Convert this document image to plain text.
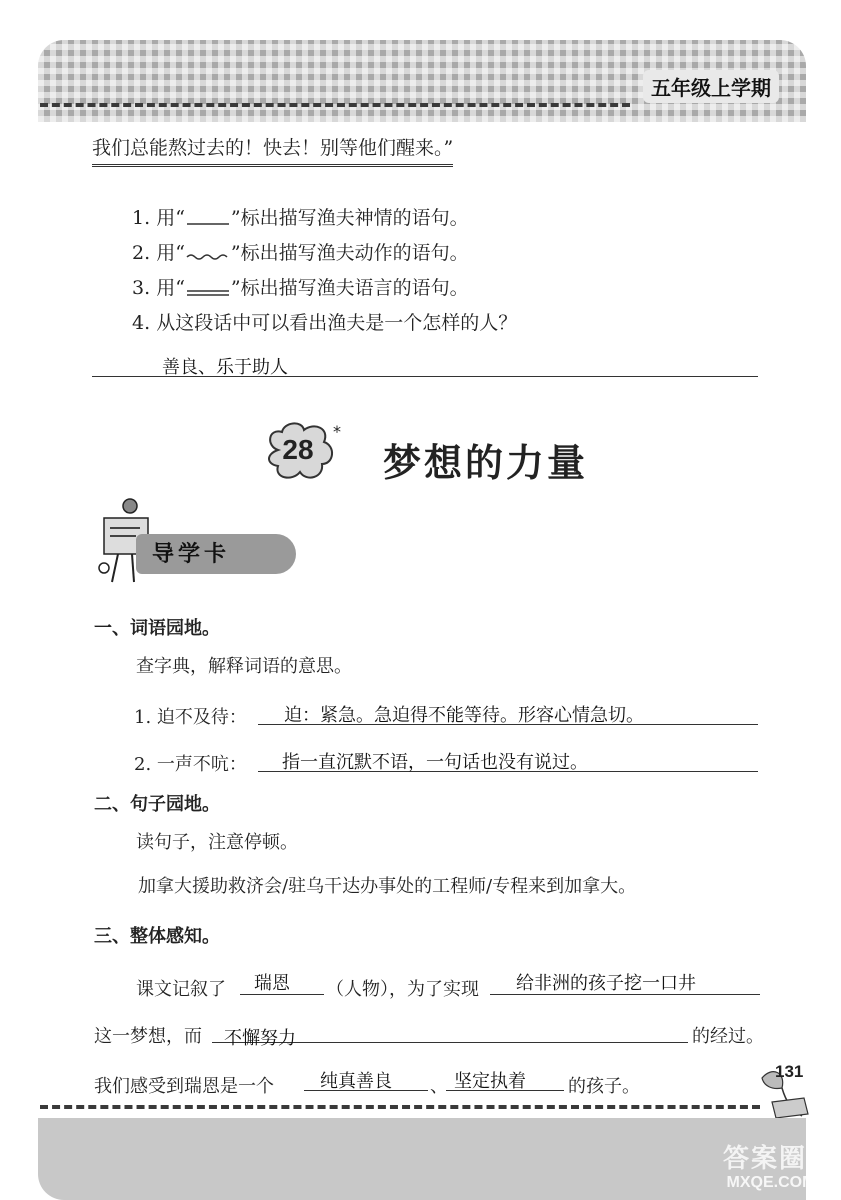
五年级上学期
我们总能熬过去的！快去！别等他们醒来。”
1. 用“ ”标出描写渔夫神情的语句。
2. 用“ ”标出描写渔夫动作的语句。
3. 用“ ”标出描写渔夫语言的语句。
4. 从这段话中可以看出渔夫是一个怎样的人？
善良、乐于助人
28
*
梦想的力量
导学卡
一、词语园地。
查字典，解释词语的意思。
1. 迫不及待： 迫：紧急。急迫得不能等待。形容心情急切。
2. 一声不吭： 指一直沉默不语，一句话也没有说过。
二、句子园地。
读句子，注意停顿。
加拿大援助救济会/驻乌干达办事处的工程师/专程来到加拿大。
三、整体感知。
课文记叙了 瑞恩 （人物），为了实现 给非洲的孩子挖一口井
这一梦想，而 不懈努力	的经过。
我们感受到瑞恩是一个	纯真善良 、 坚定执着 的孩子。
131
答案圈
MXQE.COM
